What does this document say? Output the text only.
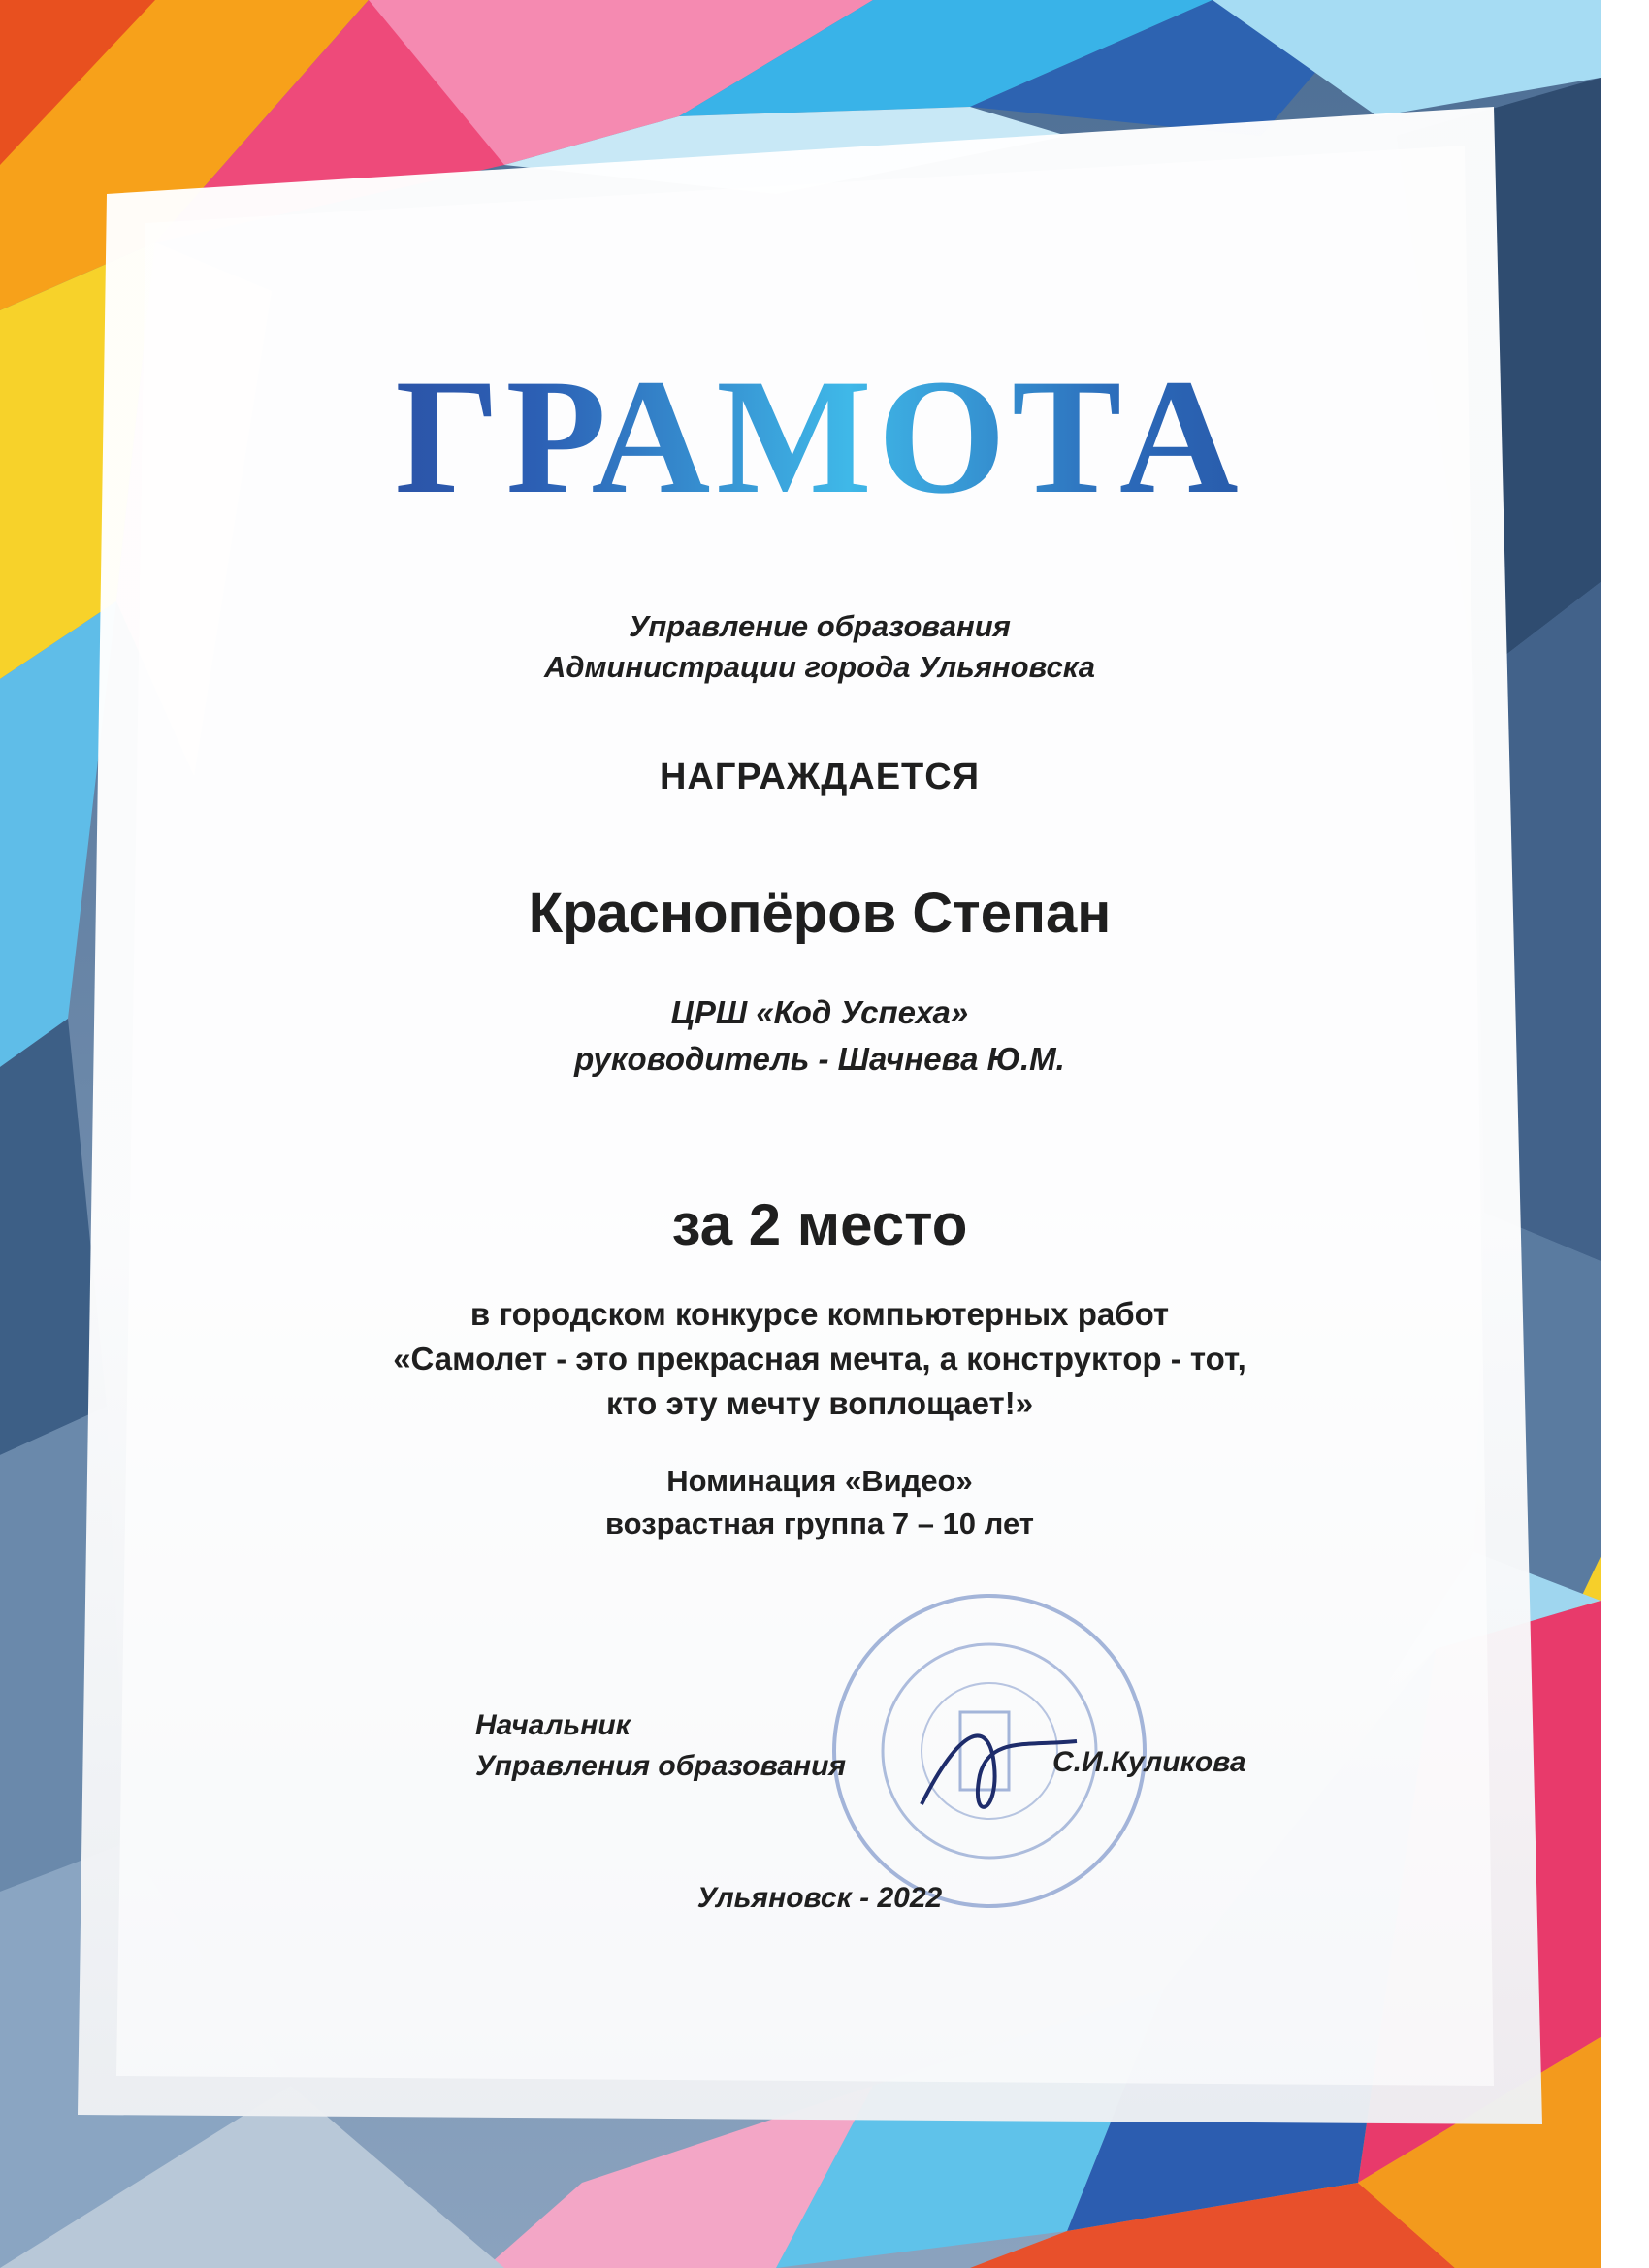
ГРАМОТА
Управление образования
Администрации города Ульяновска
НАГРАЖДАЕТСЯ
Краснопёров Степан
ЦРШ «Код Успеха»
руководитель - Шачнева Ю.М.
за 2 место
в городском конкурсе компьютерных работ
«Самолет - это прекрасная мечта, а конструктор - тот,
кто эту мечту воплощает!»
Номинация «Видео»
возрастная группа 7 – 10 лет
Начальник
Управления образования	С.И.Куликова
Ульяновск - 2022
